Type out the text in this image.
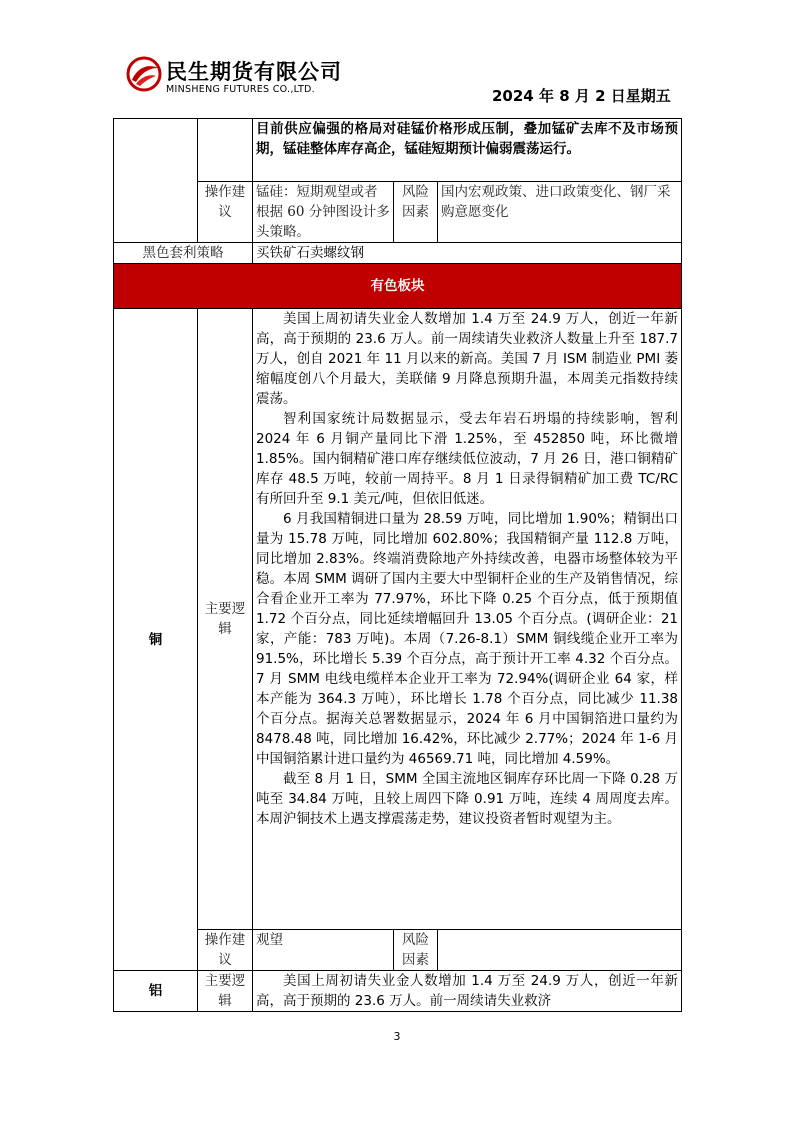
民生期货有限公司
MINSHENG FUTURES CO.,LTD.	2024 年 8 月 2 日星期五
		目前供应偏强的格局对硅锰价格形成压制，叠加锰矿去库不及市场预期，锰硅整体库存高企，锰硅短期预计偏弱震荡运行。		
	操作建议	锰硅：短期观望或者根据 60 分钟图设计多头策略。	风险因素	国内宏观政策、进口政策变化、钢厂采购意愿变化
黑色套利策略		买铁矿石卖螺纹钢		
有色板块				
铜	主要逻辑	美国上周初请失业金人数增加 1.4 万至 24.9 万人，创近一年新高，高于预期的 23.6 万人。前一周续请失业救济人数量上升至 187.7 万人，创自 2021 年 11 月以来的新高。美国 7 月 ISM 制造业 PMI 萎缩幅度创八个月最大，美联储 9 月降息预期升温，本周美元指数持续震荡。

智利国家统计局数据显示，受去年岩石坍塌的持续影响，智利 2024 年 6 月铜产量同比下滑 1.25%，至 452850 吨，环比微增 1.85%。国内铜精矿港口库存继续低位波动，7 月 26 日，港口铜精矿库存 48.5 万吨，较前一周持平。8 月 1 日录得铜精矿加工费 TC/RC 有所回升至 9.1 美元/吨，但依旧低迷。

6 月我国精铜进口量为 28.59 万吨，同比增加 1.90%；精铜出口量为 15.78 万吨，同比增加 602.80%；我国精铜产量 112.8 万吨，同比增加 2.83%。终端消费除地产外持续改善，电器市场整体较为平稳。本周 SMM 调研了国内主要大中型铜杆企业的生产及销售情况，综合看企业开工率为 77.97%，环比下降 0.25 个百分点，低于预期值 1.72 个百分点，同比延续增幅回升 13.05 个百分点。(调研企业：21 家，产能：783 万吨)。本周（7.26-8.1）SMM 铜线缆企业开工率为 91.5%，环比增长 5.39 个百分点，高于预计开工率 4.32 个百分点。7 月 SMM 电线电缆样本企业开工率为 72.94%(调研企业 64 家，样本产能为 364.3 万吨），环比增长 1.78 个百分点，同比减少 11.38 个百分点。据海关总署数据显示，2024 年 6 月中国铜箔进口量约为 8478.48 吨，同比增加 16.42%，环比减少 2.77%；2024 年 1-6 月中国铜箔累计进口量约为 46569.71 吨，同比增加 4.59%。

截至 8 月 1 日，SMM 全国主流地区铜库存环比周一下降 0.28 万吨至 34.84 万吨，且较上周四下降 0.91 万吨，连续 4 周周度去库。本周沪铜技术上遇支撑震荡走势，建议投资者暂时观望为主。		

	操作建议	观望	风险因素	
铝	主要逻辑	美国上周初请失业金人数增加 1.4 万至 24.9 万人，创近一年新高，高于预期的 23.6 万人。前一周续请失业救济		

3
